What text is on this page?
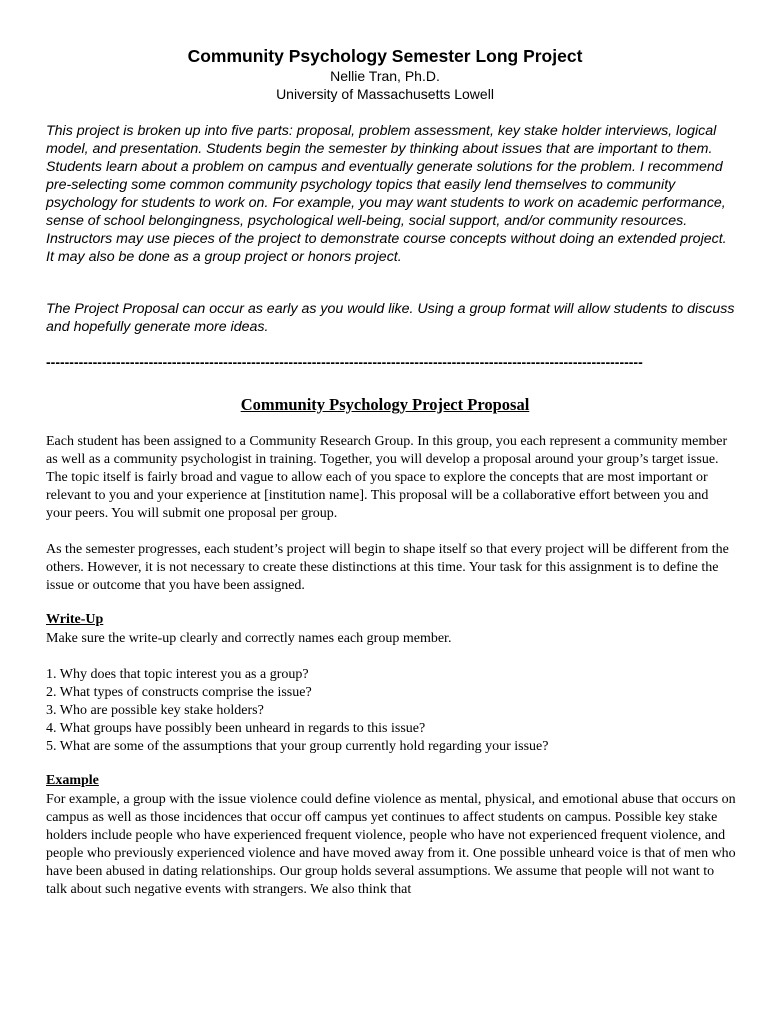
Community Psychology Semester Long Project
Nellie Tran, Ph.D.
University of Massachusetts Lowell

This project is broken up into five parts: proposal, problem assessment, key stake holder interviews, logical model, and presentation. Students begin the semester by thinking about issues that are important to them. Students learn about a problem on campus and eventually generate solutions for the problem. I recommend pre-selecting some common community psychology topics that easily lend themselves to community psychology for students to work on. For example, you may want students to work on academic performance, sense of school belongingness, psychological well-being, social support, and/or community resources. Instructors may use pieces of the project to demonstrate course concepts without doing an extended project. It may also be done as a group project or honors project.

The Project Proposal can occur as early as you would like. Using a group format will allow students to discuss and hopefully generate more ideas.

--------------------------------------------------------------------------------------------------------------------------------
Community Psychology Project Proposal

Each student has been assigned to a Community Research Group. In this group, you each represent a community member as well as a community psychologist in training. Together, you will develop a proposal around your group’s target issue. The topic itself is fairly broad and vague to allow each of you space to explore the concepts that are most important or relevant to you and your experience at [institution name]. This proposal will be a collaborative effort between you and your peers. You will submit one proposal per group.

As the semester progresses, each student’s project will begin to shape itself so that every project will be different from the others. However, it is not necessary to create these distinctions at this time. Your task for this assignment is to define the issue or outcome that you have been assigned.

Write-Up

Make sure the write-up clearly and correctly names each group member.

1. Why does that topic interest you as a group?
2. What types of constructs comprise the issue?
3. Who are possible key stake holders?
4. What groups have possibly been unheard in regards to this issue?
5. What are some of the assumptions that your group currently hold regarding your issue?
Example

For example, a group with the issue violence could define violence as mental, physical, and emotional abuse that occurs on campus as well as those incidences that occur off campus yet continues to affect students on campus. Possible key stake holders include people who have experienced frequent violence, people who have not experienced frequent violence, and people who previously experienced violence and have moved away from it. One possible unheard voice is that of men who have been abused in dating relationships. Our group holds several assumptions. We assume that people will not want to talk about such negative events with strangers. We also think that
